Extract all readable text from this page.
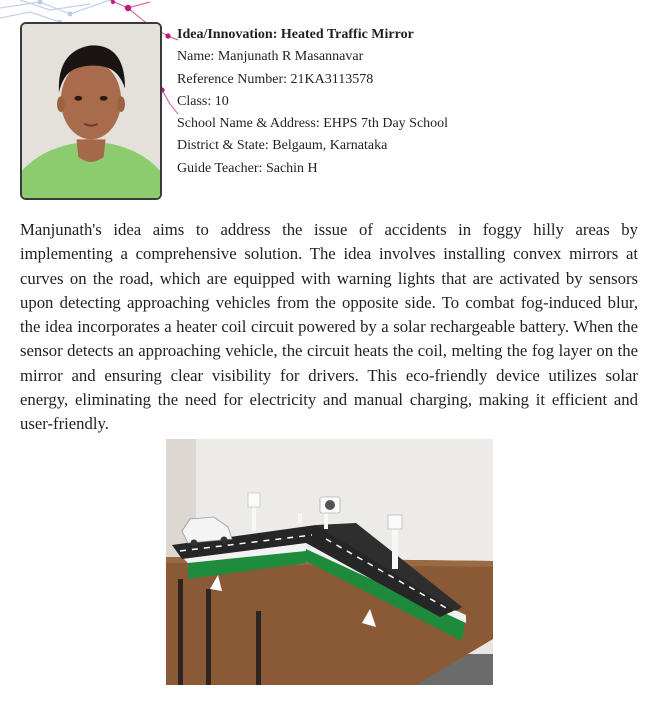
Idea/Innovation: Heated Traffic Mirror
Name: Manjunath R Masannavar
Reference Number: 21KA3113578
Class: 10
School Name & Address: EHPS 7th Day School
District & State: Belgaum, Karnataka
Guide Teacher: Sachin H

Manjunath's idea aims to address the issue of accidents in foggy hilly areas by implementing a comprehensive solution. The idea involves installing convex mirrors at curves on the road, which are equipped with warning lights that are activated by sensors upon detecting approaching vehicles from the opposite side. To combat fog-induced blur, the idea incorporates a heater coil circuit powered by a solar rechargeable battery. When the sensor detects an approaching vehicle, the circuit heats the coil, melting the fog layer on the mirror and ensuring clear visibility for drivers. This eco-friendly device utilizes solar energy, eliminating the need for electricity and manual charging, making it efficient and user-friendly.
